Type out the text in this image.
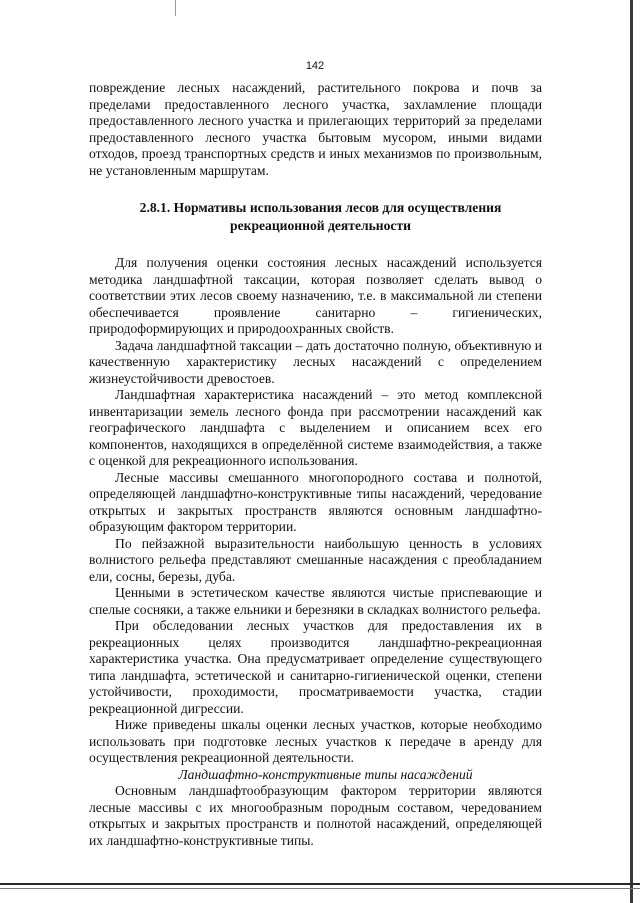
142

повреждение лесных насаждений, растительного покрова и почв за пределами предоставленного лесного участка, захламление площади предоставленного лесного участка и прилегающих территорий за пределами предоставленного лесного участка бытовым мусором, иными видами отходов, проезд транспортных средств и иных механизмов по произвольным, не установленным маршрутам.

2.8.1. Нормативы использования лесов для осуществления
рекреационной деятельности

Для получения оценки состояния лесных насаждений используется методика ландшафтной таксации, которая позволяет сделать вывод о соответствии этих лесов своему назначению, т.е. в максимальной ли степени обеспечивается проявление санитарно – гигиенических, природоформирующих и природоохранных свойств.

Задача ландшафтной таксации – дать достаточно полную, объективную и качественную характеристику лесных насаждений с определением жизнеустойчивости древостоев.

Ландшафтная характеристика насаждений – это метод комплексной инвентаризации земель лесного фонда при рассмотрении насаждений как географического ландшафта с выделением и описанием всех его компонентов, находящихся в определённой системе взаимодействия, а также с оценкой для рекреационного использования.

Лесные массивы смешанного многопородного состава и полнотой, определяющей ландшафтно-конструктивные типы насаждений, чередование открытых и закрытых пространств являются основным ландшафтно-образующим фактором территории.

По пейзажной выразительности наибольшую ценность в условиях волнистого рельефа представляют смешанные насаждения с преобладанием ели, сосны, березы, дуба.

Ценными в эстетическом качестве являются чистые приспевающие и спелые сосняки, а также ельники и березняки в складках волнистого рельефа.

При обследовании лесных участков для предоставления их в рекреационных целях производится ландшафтно-рекреационная характеристика участка. Она предусматривает определение существующего типа ландшафта, эстетической и санитарно-гигиенической оценки, степени устойчивости, проходимости, просматриваемости участка, стадии рекреационной дигрессии.

Ниже приведены шкалы оценки лесных участков, которые необходимо использовать при подготовке лесных участков к передаче в аренду для осуществления рекреационной деятельности.

Ландшафтно-конструктивные типы насаждений

Основным ландшафтообразующим фактором территории являются лесные массивы с их многообразным породным составом, чередованием открытых и закрытых пространств и полнотой насаждений, определяющей их ландшафтно-конструктивные типы.
